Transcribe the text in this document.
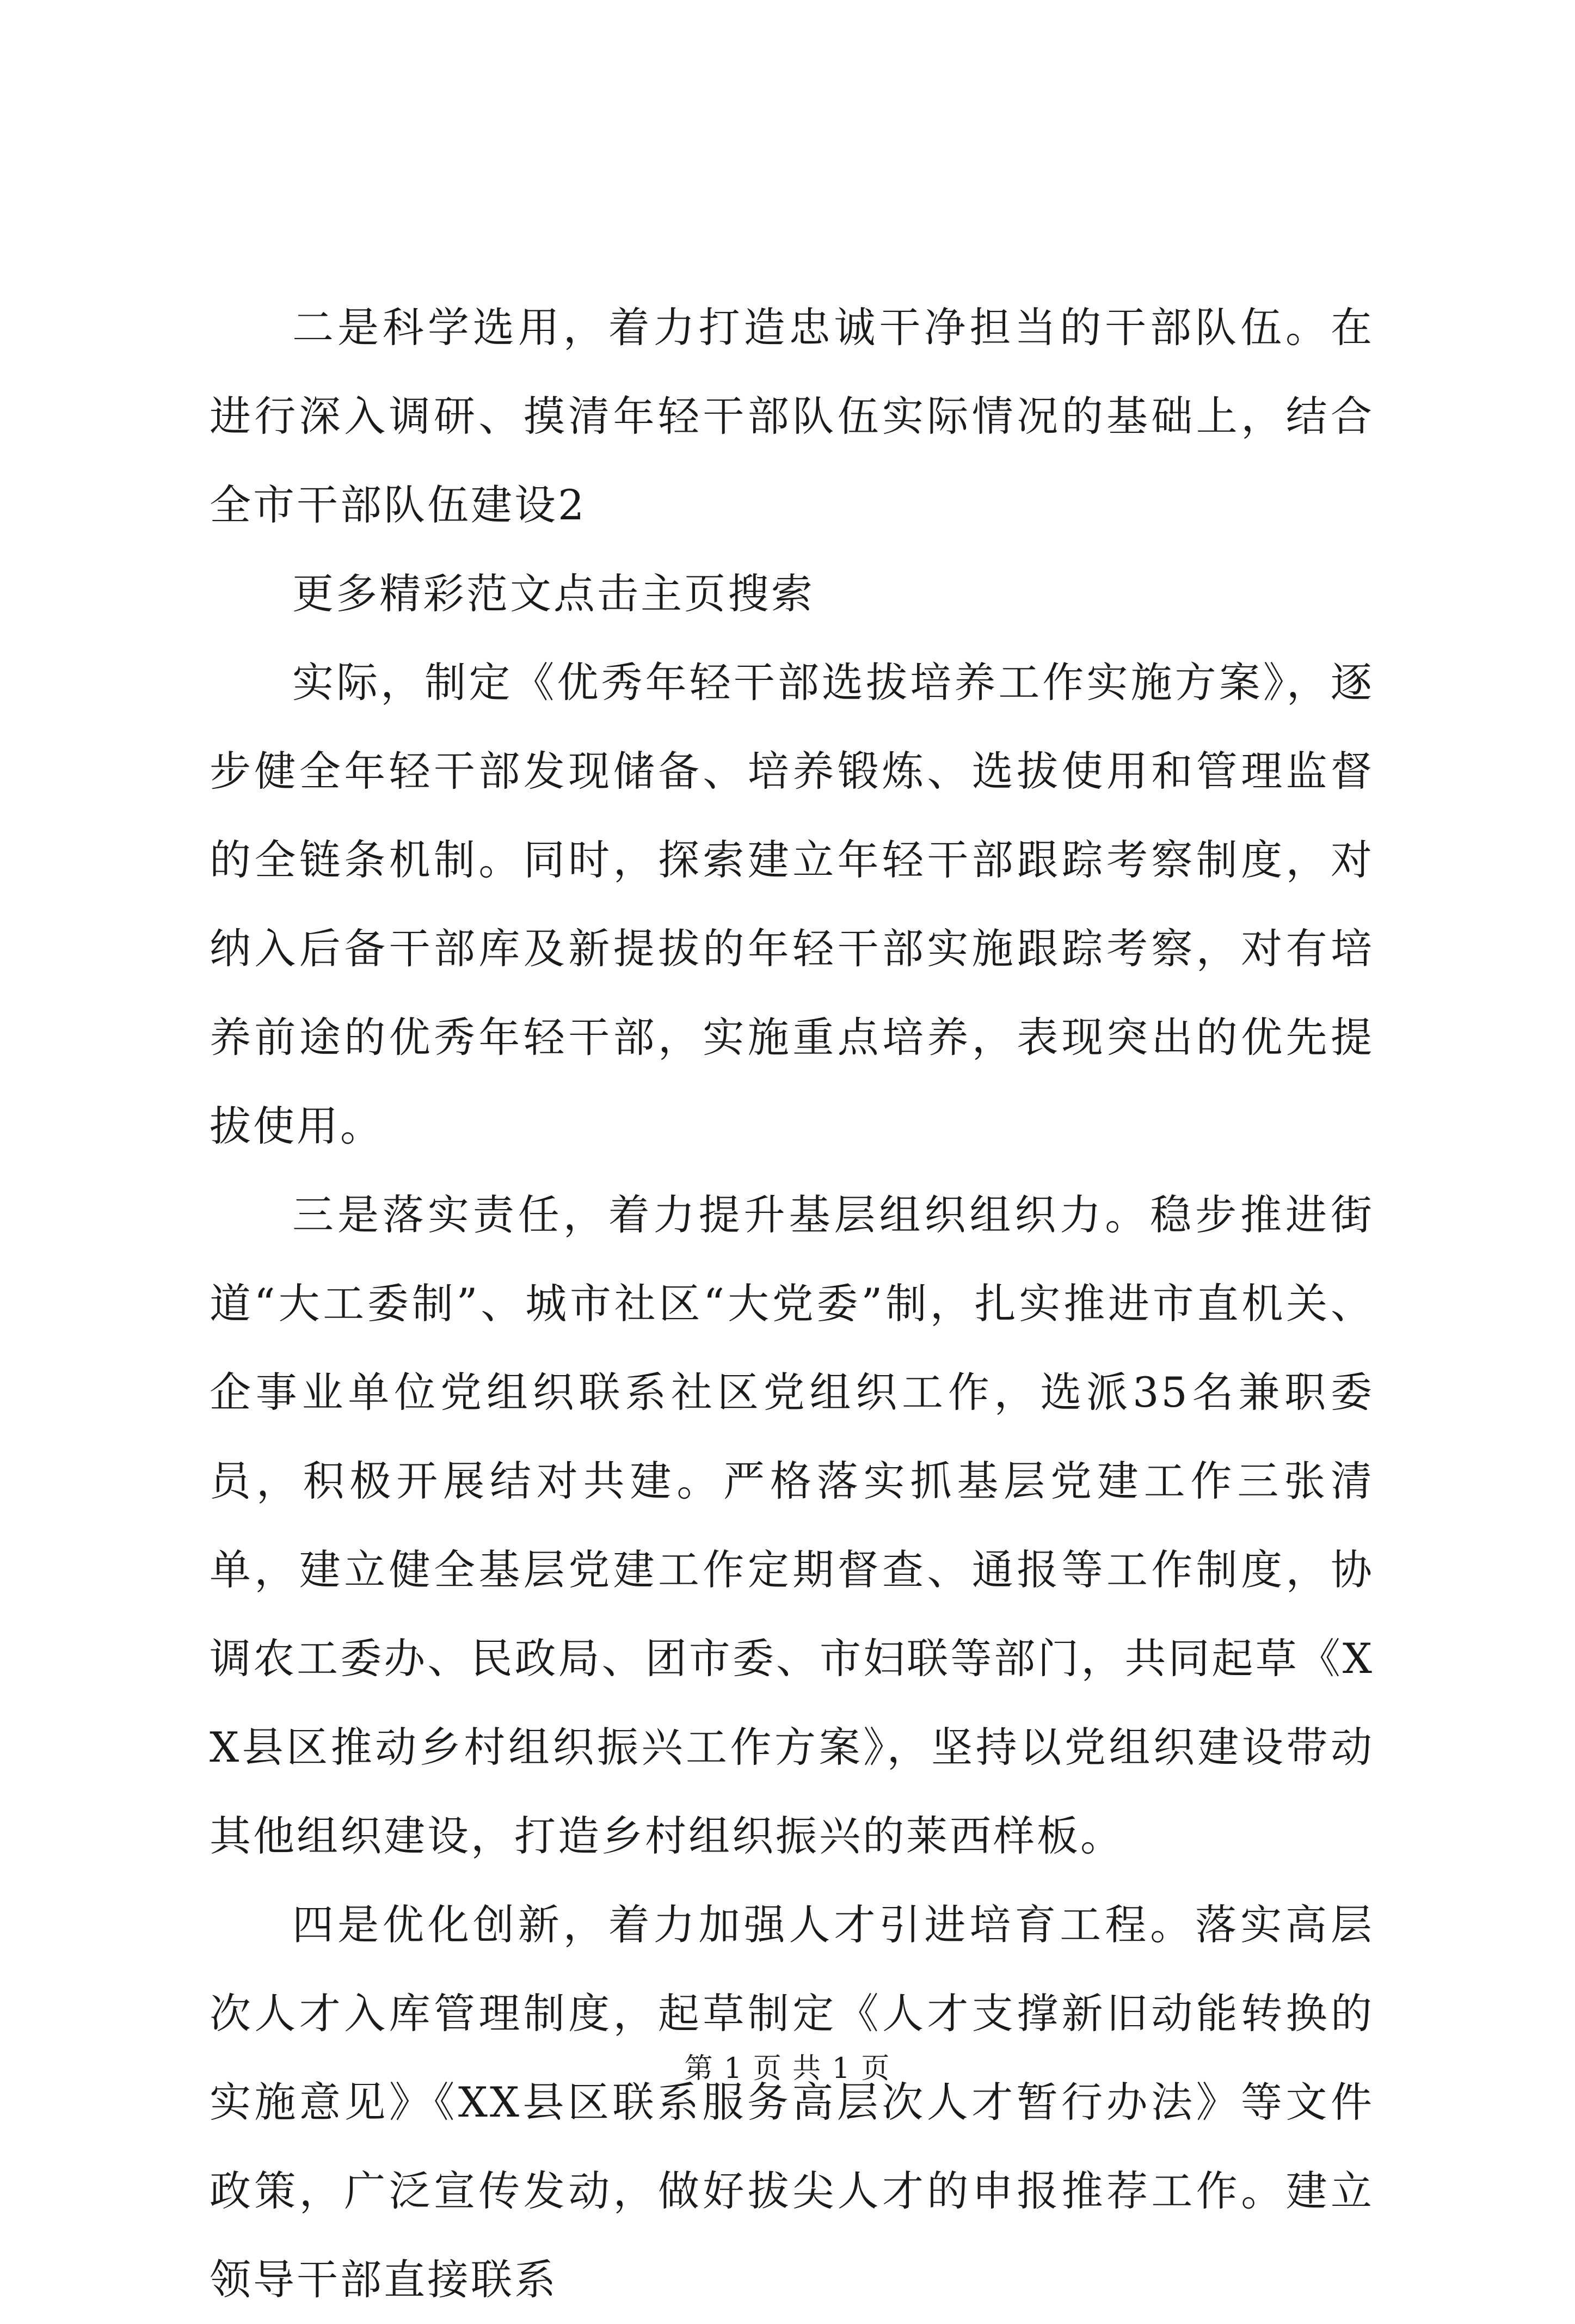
二是科学选用，着力打造忠诚干净担当的干部队伍。在进行深入调研、摸清年轻干部队伍实际情况的基础上，结合全市干部队伍建设2

更多精彩范文点击主页搜索

实际，制定《优秀年轻干部选拔培养工作实施方案》，逐步健全年轻干部发现储备、培养锻炼、选拔使用和管理监督的全链条机制。同时，探索建立年轻干部跟踪考察制度，对纳入后备干部库及新提拔的年轻干部实施跟踪考察，对有培养前途的优秀年轻干部，实施重点培养，表现突出的优先提拔使用。

三是落实责任，着力提升基层组织组织力。稳步推进街道“大工委制”、城市社区“大党委”制，扎实推进市直机关、企事业单位党组织联系社区党组织工作，选派35名兼职委员，积极开展结对共建。严格落实抓基层党建工作三张清单，建立健全基层党建工作定期督查、通报等工作制度，协调农工委办、民政局、团市委、市妇联等部门，共同起草《XX县区推动乡村组织振兴工作方案》，坚持以党组织建设带动其他组织建设，打造乡村组织振兴的莱西样板。

四是优化创新，着力加强人才引进培育工程。落实高层次人才入库管理制度，起草制定《人才支撑新旧动能转换的实施意见》《XX县区联系服务高层次人才暂行办法》等文件政策，广泛宣传发动，做好拔尖人才的申报推荐工作。建立领导干部直接联系

第 1 页 共 1 页
